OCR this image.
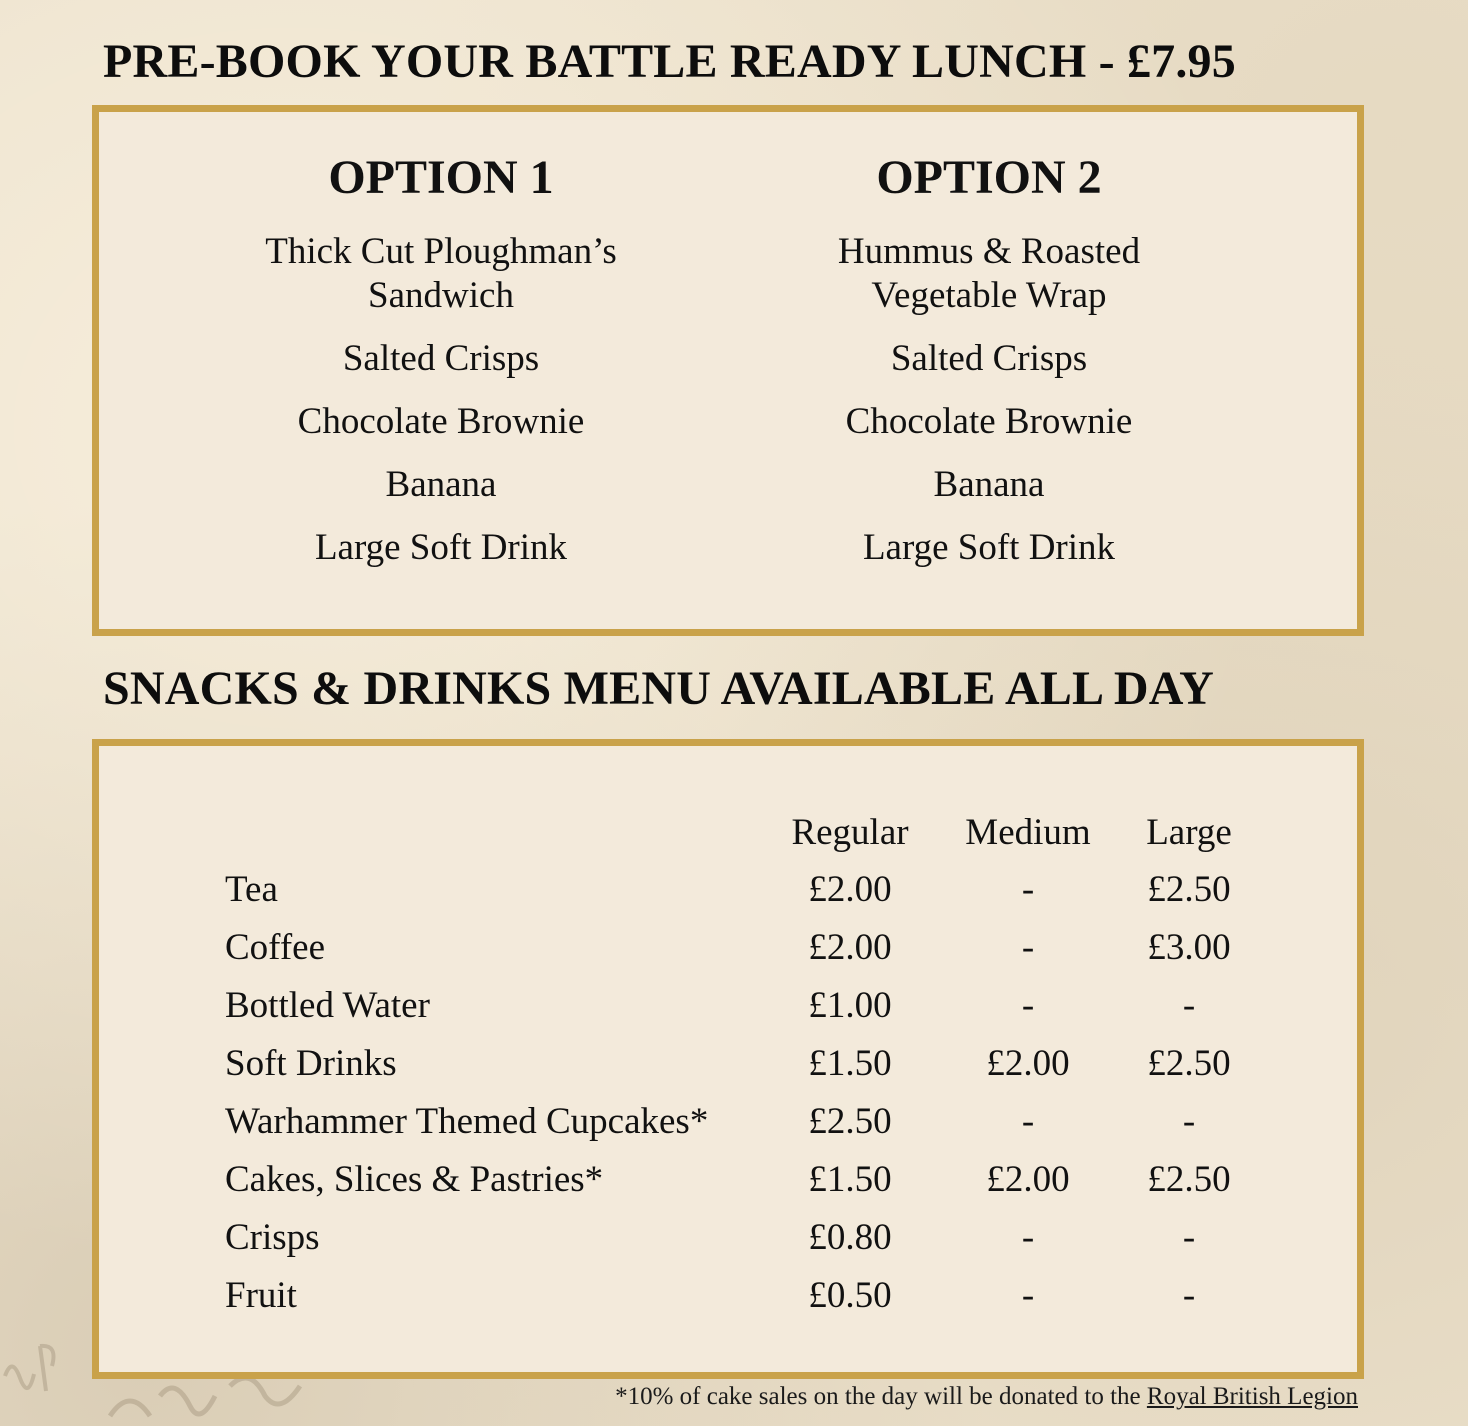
PRE-BOOK YOUR BATTLE READY LUNCH - £7.95
OPTION 1

Thick Cut Ploughman’s Sandwich

Salted Crisps

Chocolate Brownie

Banana

Large Soft Drink

OPTION 2

Hummus & Roasted Vegetable Wrap

Salted Crisps

Chocolate Brownie

Banana

Large Soft Drink

SNACKS & DRINKS MENU AVAILABLE ALL DAY
	Regular	Medium	Large
Tea	£2.00	-	£2.50
Coffee	£2.00	-	£3.00
Bottled Water	£1.00	-	-
Soft Drinks	£1.50	£2.00	£2.50
Warhammer Themed Cupcakes*	£2.50	-	-
Cakes, Slices & Pastries*	£1.50	£2.00	£2.50
Crisps	£0.80	-	-
Fruit	£0.50	-	-
*10% of cake sales on the day will be donated to the Royal British Legion
